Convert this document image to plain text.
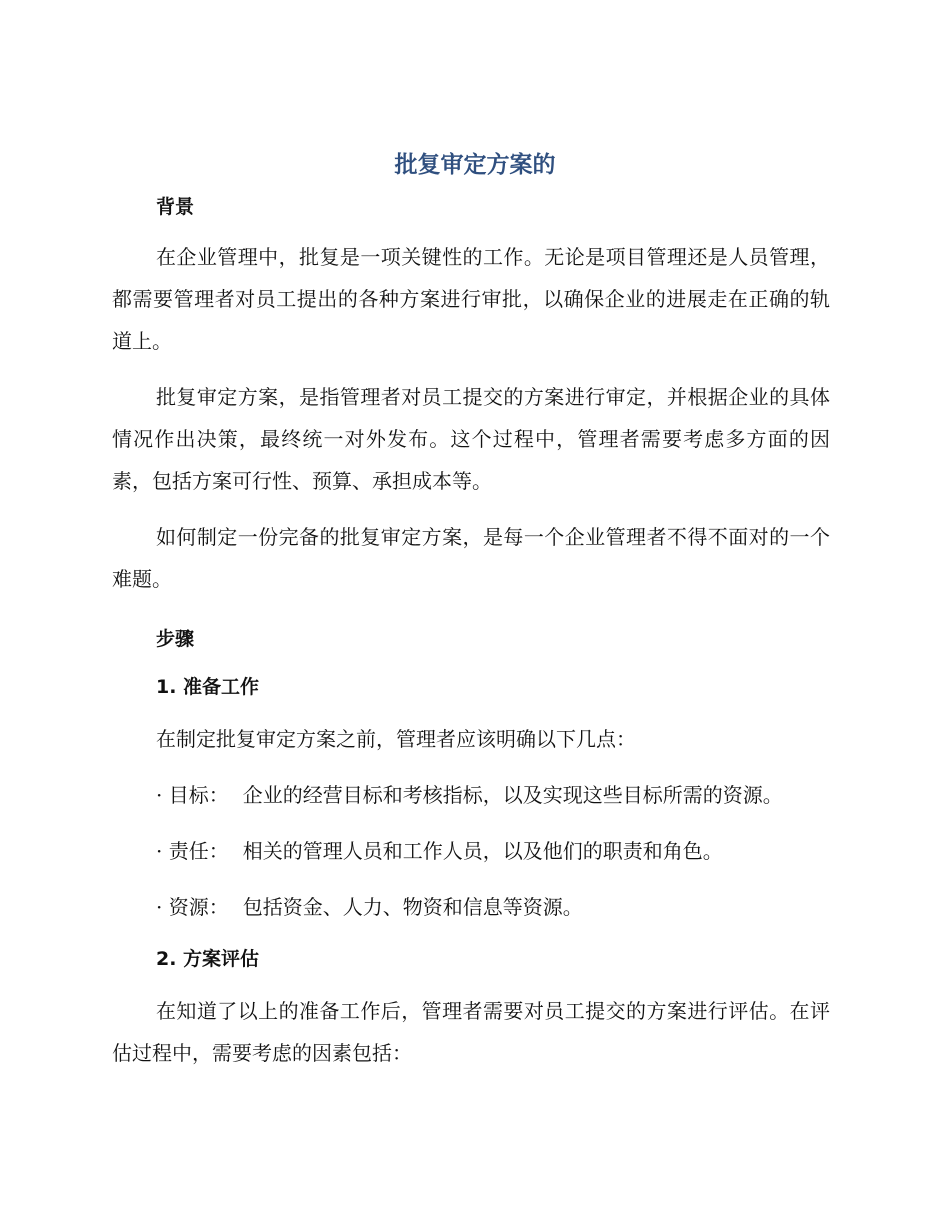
批复审定方案的

背景

在企业管理中，批复是一项关键性的工作。无论是项目管理还是人员管理，都需要管理者对员工提出的各种方案进行审批，以确保企业的进展走在正确的轨道上。

批复审定方案，是指管理者对员工提交的方案进行审定，并根据企业的具体情况作出决策，最终统一对外发布。这个过程中，管理者需要考虑多方面的因素，包括方案可行性、预算、承担成本等。

如何制定一份完备的批复审定方案，是每一个企业管理者不得不面对的一个难题。

步骤

1. 准备工作

在制定批复审定方案之前，管理者应该明确以下几点：

· 目标： 企业的经营目标和考核指标，以及实现这些目标所需的资源。

· 责任： 相关的管理人员和工作人员，以及他们的职责和角色。

· 资源： 包括资金、人力、物资和信息等资源。

2. 方案评估

在知道了以上的准备工作后，管理者需要对员工提交的方案进行评估。在评估过程中，需要考虑的因素包括：
